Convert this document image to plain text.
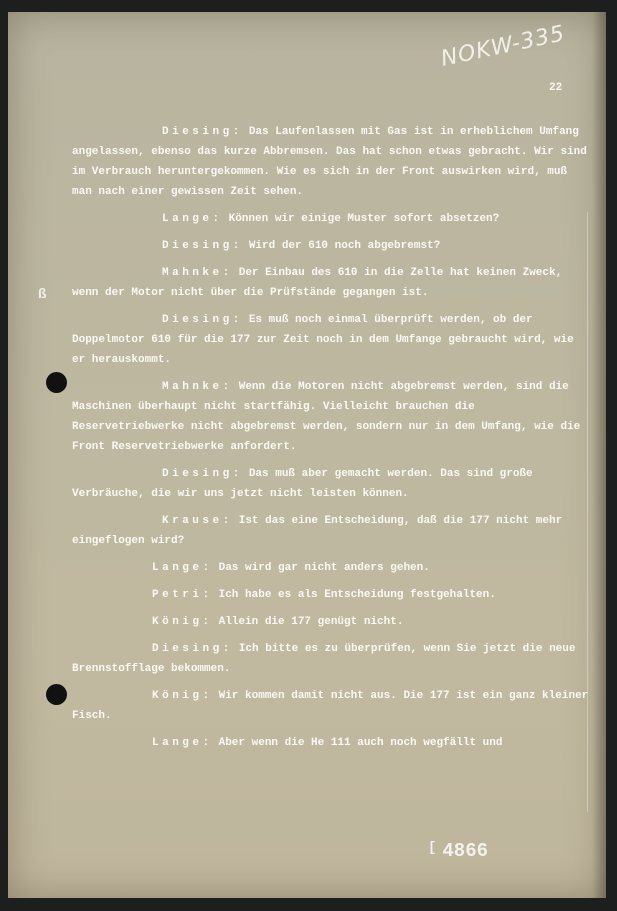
NOKW-335
22
ß

Diesing: Das Laufenlassen mit Gas ist in erheblichem Umfang angelassen, ebenso das kurze Abbremsen. Das hat schon etwas gebracht. Wir sind im Verbrauch heruntergekommen. Wie es sich in der Front auswirken wird, muß man nach einer gewissen Zeit sehen.

Lange: Können wir einige Muster sofort absetzen?

Diesing: Wird der 610 noch abgebremst?

Mahnke: Der Einbau des 610 in die Zelle hat keinen Zweck, wenn der Motor nicht über die Prüfstände gegangen ist.

Diesing: Es muß noch einmal überprüft werden, ob der Doppelmotor 610 für die 177 zur Zeit noch in dem Umfange gebraucht wird, wie er herauskommt.

Mahnke: Wenn die Motoren nicht abgebremst werden, sind die Maschinen überhaupt nicht startfähig. Vielleicht brauchen die Reservetriebwerke nicht abgebremst werden, sondern nur in dem Umfang, wie die Front Reservetriebwerke anfordert.

Diesing: Das muß aber gemacht werden. Das sind große Verbräuche, die wir uns jetzt nicht leisten können.

Krause: Ist das eine Entscheidung, daß die 177 nicht mehr eingeflogen wird?

Lange: Das wird gar nicht anders gehen.

Petri: Ich habe es als Entscheidung festgehalten.

König: Allein die 177 genügt nicht.

Diesing: Ich bitte es zu überprüfen, wenn Sie jetzt die neue Brennstofflage bekommen.

König: Wir kommen damit nicht aus. Die 177 ist ein ganz kleiner Fisch.

Lange: Aber wenn die He 111 auch noch wegfällt und

[ 4866
